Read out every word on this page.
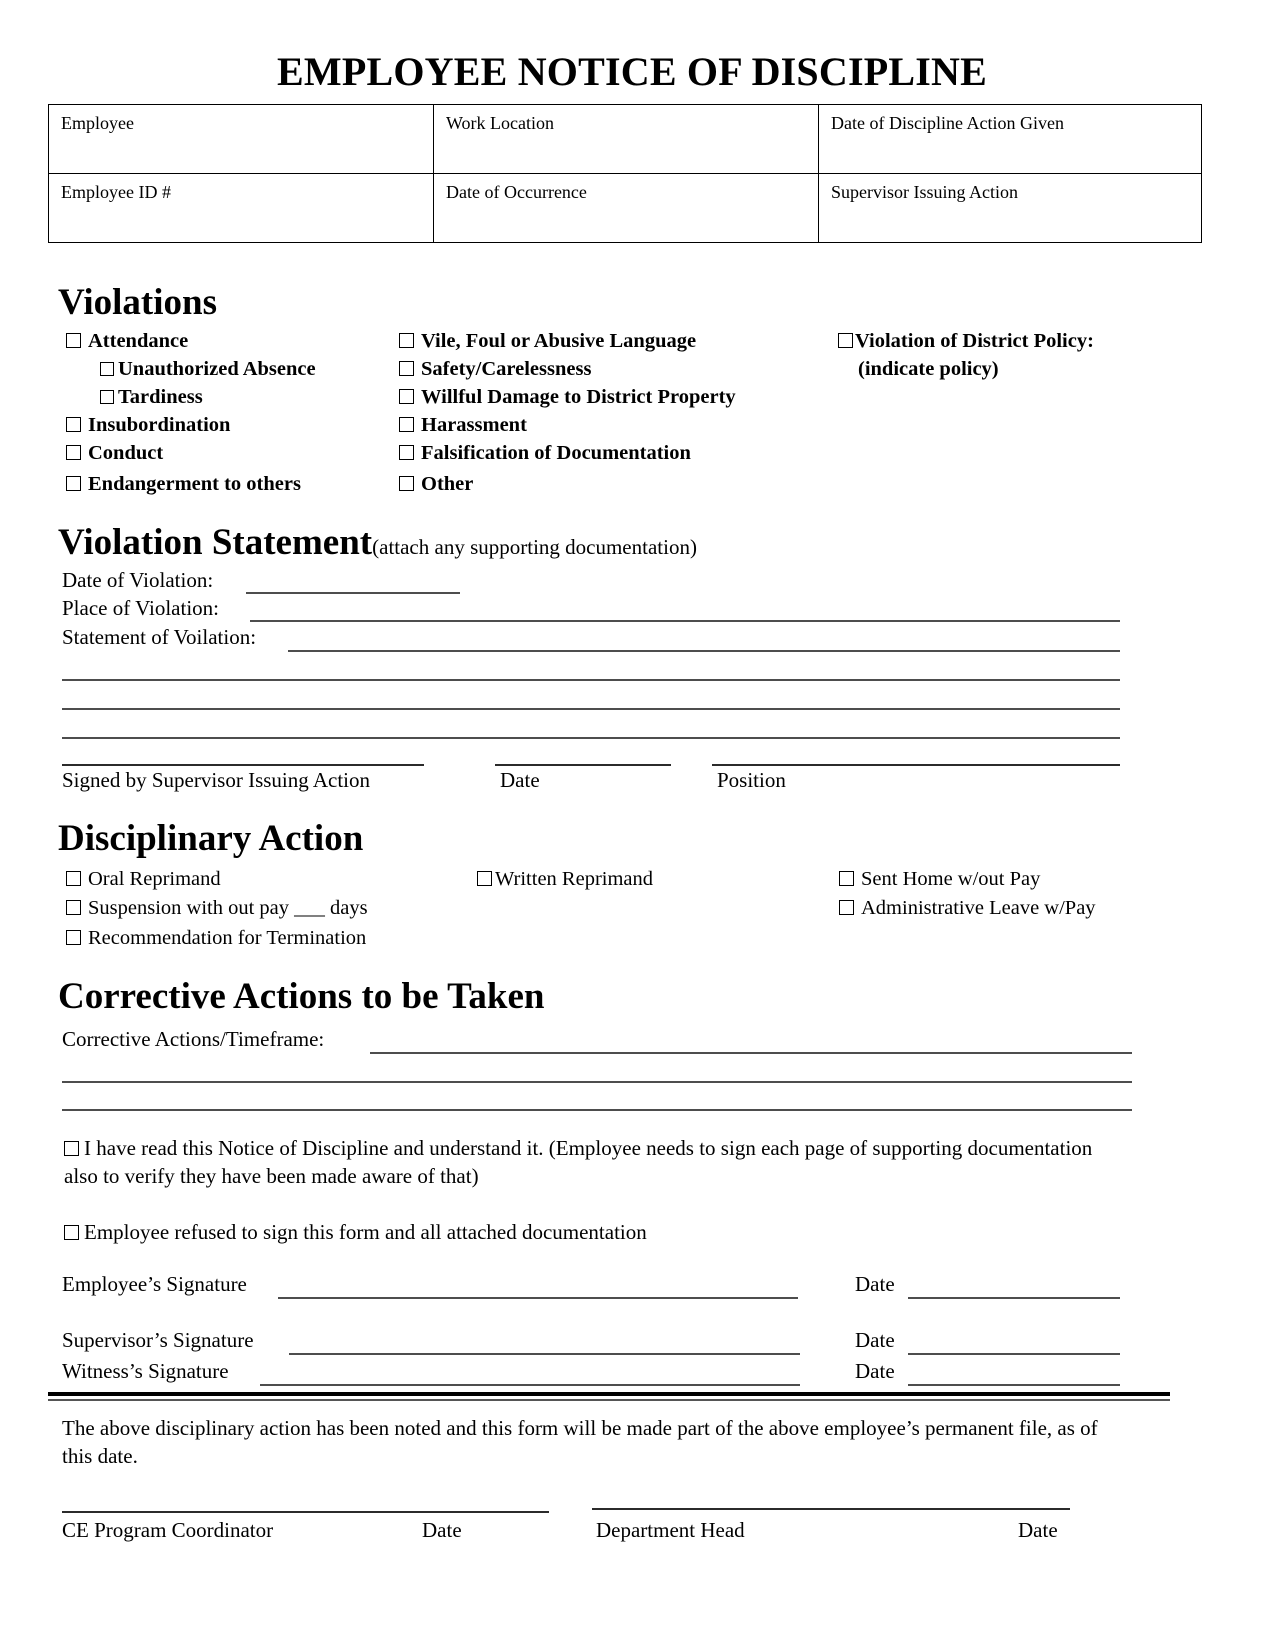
EMPLOYEE NOTICE OF DISCIPLINE
Employee	Work Location	Date of Discipline Action Given
Employee ID #	Date of Occurrence	Supervisor Issuing Action
Violations
Attendance
Unauthorized Absence
Tardiness
Insubordination
Conduct
Endangerment to others
Vile, Foul or Abusive Language
Safety/Carelessness
Willful Damage to District Property
Harassment
Falsification of Documentation
Other
Violation of District Policy:
(indicate policy)
Violation Statement(attach any supporting documentation)
Date of Violation:
Place of Violation:
Statement of Voilation:
Signed by Supervisor Issuing Action	Date	Position
Disciplinary Action
Oral Reprimand
Suspension with out pay ___ days
Recommendation for Termination
Written Reprimand	Sent Home w/out Pay
Administrative Leave w/Pay
Corrective Actions to be Taken
Corrective Actions/Timeframe:
I have read this Notice of Discipline and understand it. (Employee needs to sign each page of supporting documentation also to verify they have been made aware of that)
Employee refused to sign this form and all attached documentation
Employee’s Signature	Date
Supervisor’s Signature	Date
Witness’s Signature	Date
The above disciplinary action has been noted and this form will be made part of the above employee’s permanent file, as of this date.
CE Program Coordinator	Date	Department Head	Date
